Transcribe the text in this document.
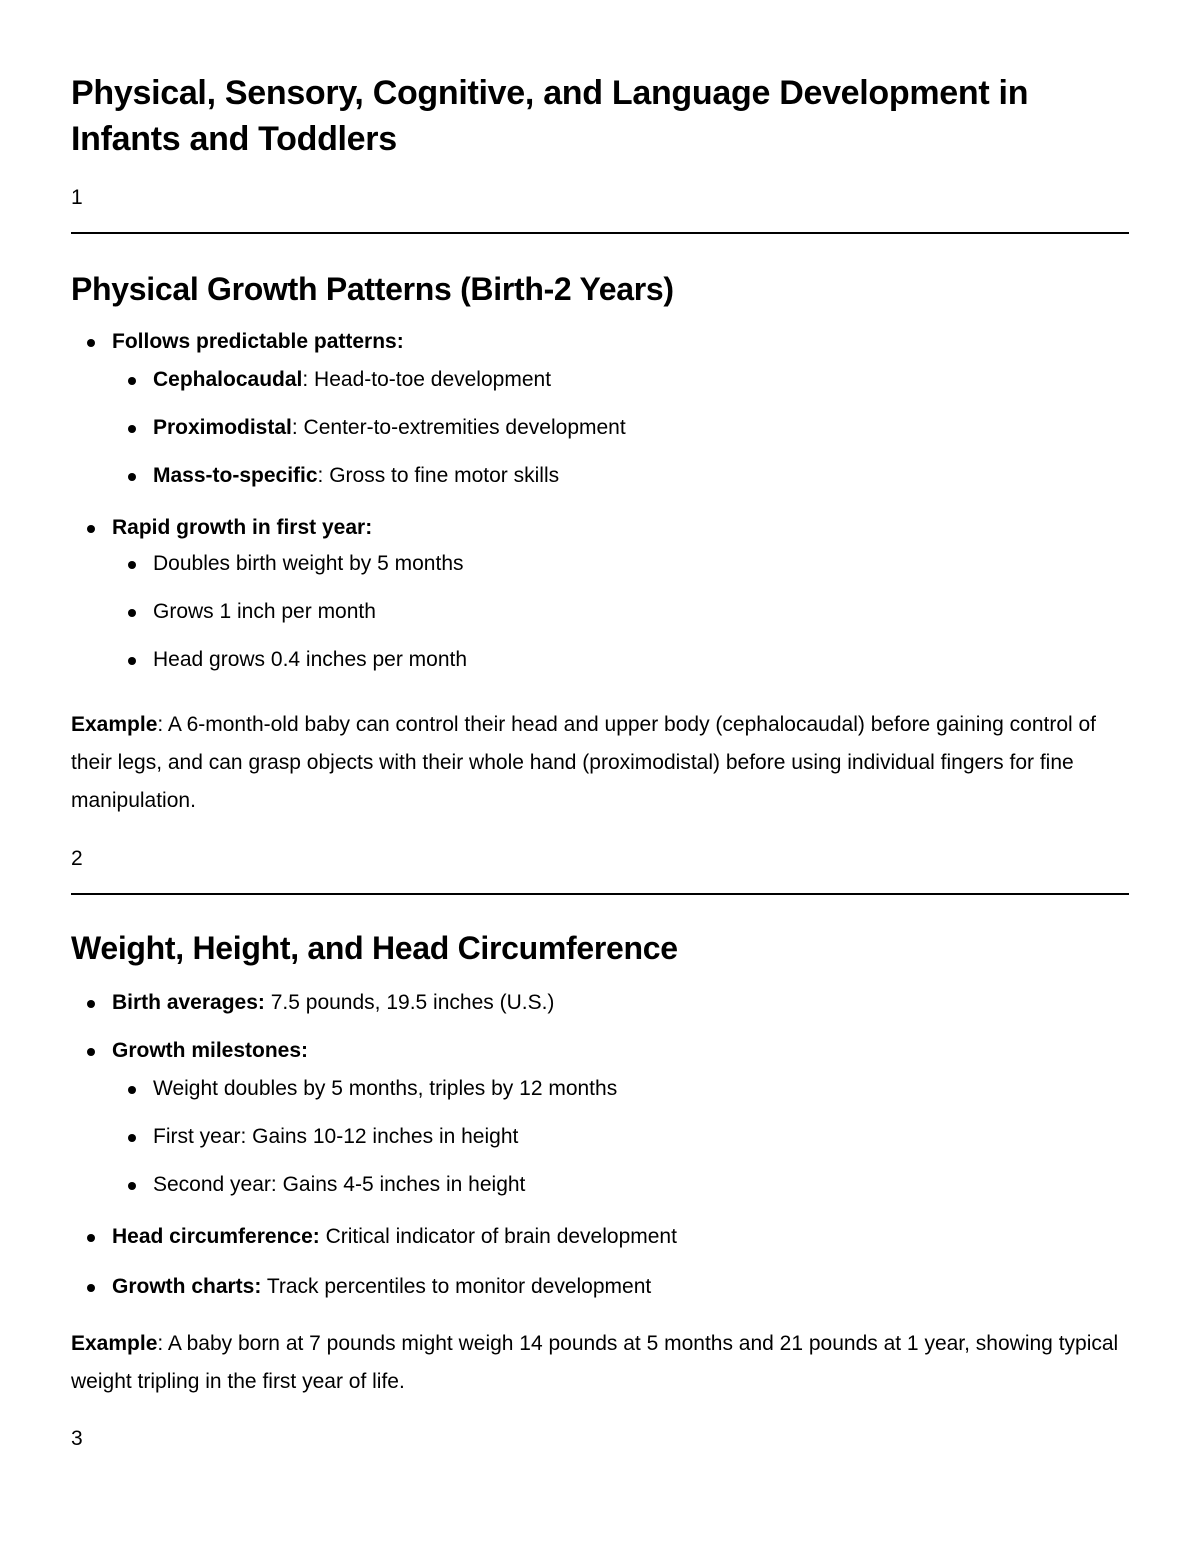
Physical, Sensory, Cognitive, and Language Development in Infants and Toddlers

1

Physical Growth Patterns (Birth-2 Years)
Follows predictable patterns:
Cephalocaudal: Head-to-toe development
Proximodistal: Center-to-extremities development
Mass-to-specific: Gross to fine motor skills
Rapid growth in first year:
Doubles birth weight by 5 months
Grows 1 inch per month
Head grows 0.4 inches per month

Example: A 6-month-old baby can control their head and upper body (cephalocaudal) before gaining control of their legs, and can grasp objects with their whole hand (proximodistal) before using individual fingers for fine manipulation.

2

Weight, Height, and Head Circumference
Birth averages: 7.5 pounds, 19.5 inches (U.S.)
Growth milestones:
Weight doubles by 5 months, triples by 12 months
First year: Gains 10-12 inches in height
Second year: Gains 4-5 inches in height
Head circumference: Critical indicator of brain development
Growth charts: Track percentiles to monitor development

Example: A baby born at 7 pounds might weigh 14 pounds at 5 months and 21 pounds at 1 year, showing typical weight tripling in the first year of life.

3
